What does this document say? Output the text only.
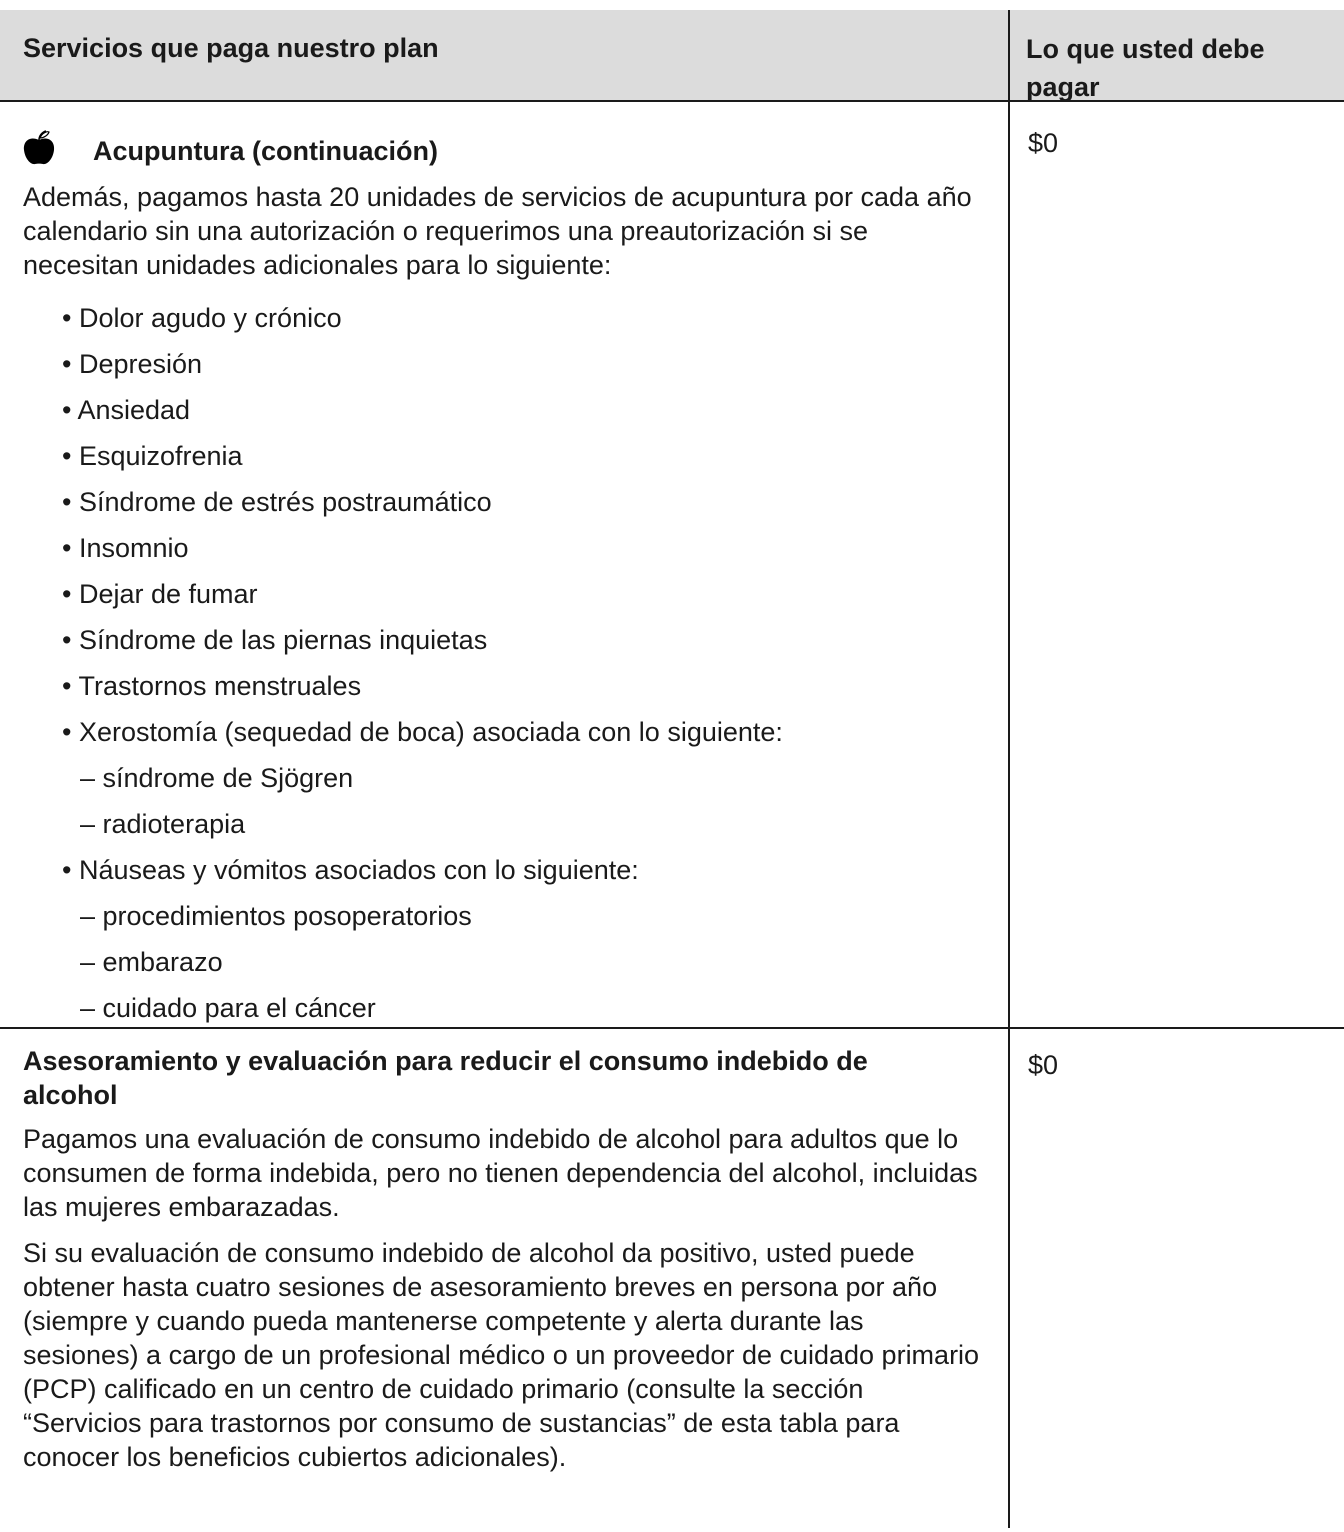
Servicios que paga nuestro plan	Lo que usted debe pagar
Acupuntura (continuación)
Además, pagamos hasta 20 unidades de servicios de acupuntura por cada año calendario sin una autorización o requerimos una preautorización si se necesitan unidades adicionales para lo siguiente:
• Dolor agudo y crónico
• Depresión
• Ansiedad
• Esquizofrenia
• Síndrome de estrés postraumático
• Insomnio
• Dejar de fumar
• Síndrome de las piernas inquietas
• Trastornos menstruales
• Xerostomía (sequedad de boca) asociada con lo siguiente:
– síndrome de Sjögren
– radioterapia
• Náuseas y vómitos asociados con lo siguiente:
– procedimientos posoperatorios
– embarazo
– cuidado para el cáncer
$0
Asesoramiento y evaluación para reducir el consumo indebido de alcohol
Pagamos una evaluación de consumo indebido de alcohol para adultos que lo consumen de forma indebida, pero no tienen dependencia del alcohol, incluidas las mujeres embarazadas.
Si su evaluación de consumo indebido de alcohol da positivo, usted puede obtener hasta cuatro sesiones de asesoramiento breves en persona por año (siempre y cuando pueda mantenerse competente y alerta durante las sesiones) a cargo de un profesional médico o un proveedor de cuidado primario (PCP) calificado en un centro de cuidado primario (consulte la sección “Servicios para trastornos por consumo de sustancias” de esta tabla para conocer los beneficios cubiertos adicionales).
$0
